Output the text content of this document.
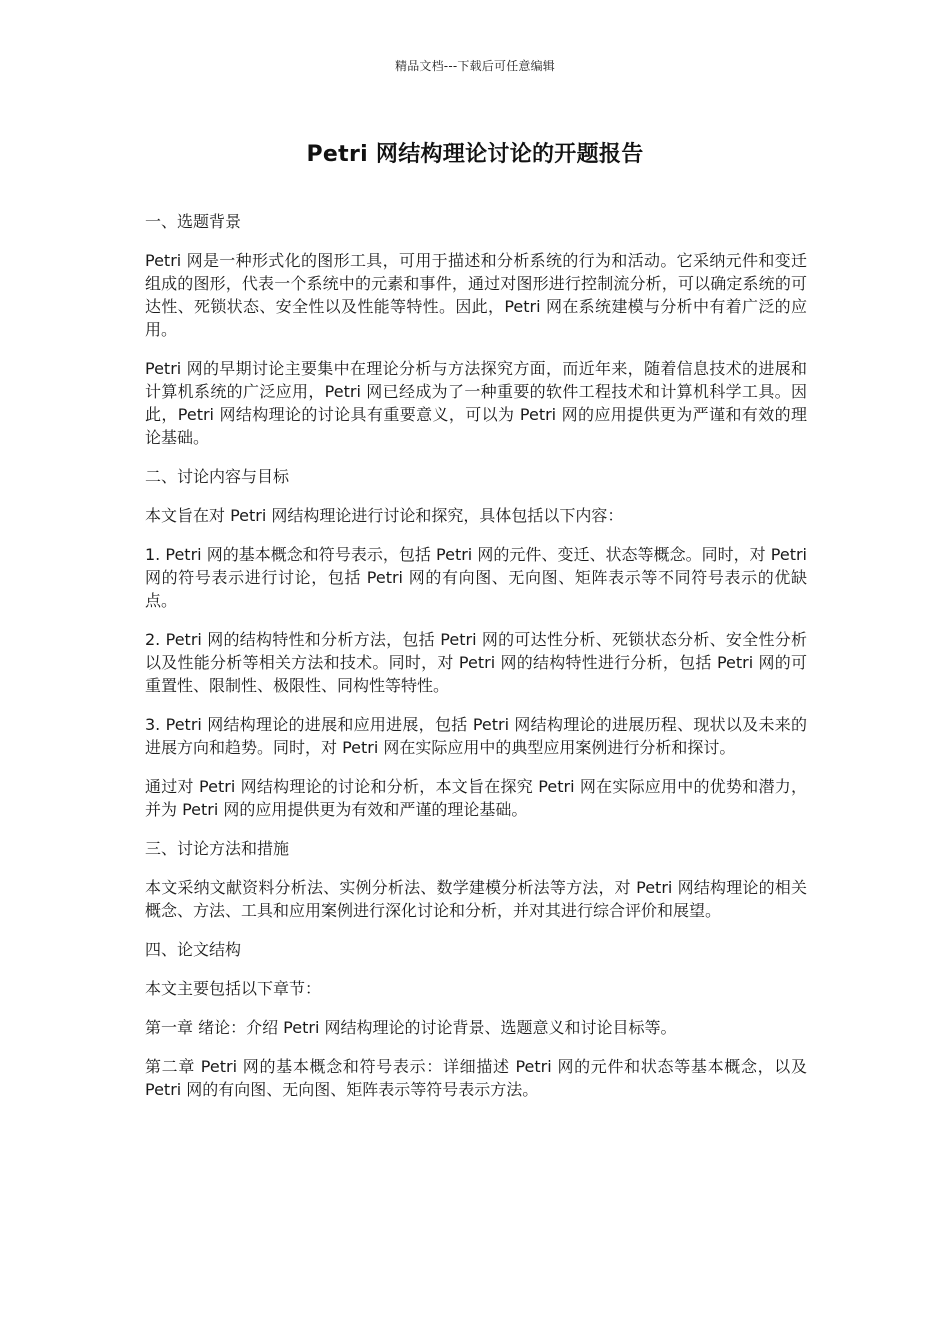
精品文档---下载后可任意编辑
Petri 网结构理论讨论的开题报告
一、选题背景

Petri 网是一种形式化的图形工具，可用于描述和分析系统的行为和活动。它采纳元件和变迁组成的图形，代表一个系统中的元素和事件，通过对图形进行控制流分析，可以确定系统的可达性、死锁状态、安全性以及性能等特性。因此，Petri 网在系统建模与分析中有着广泛的应用。

Petri 网的早期讨论主要集中在理论分析与方法探究方面，而近年来，随着信息技术的进展和计算机系统的广泛应用，Petri 网已经成为了一种重要的软件工程技术和计算机科学工具。因此，Petri 网结构理论的讨论具有重要意义，可以为 Petri 网的应用提供更为严谨和有效的理论基础。

二、讨论内容与目标

本文旨在对 Petri 网结构理论进行讨论和探究，具体包括以下内容：

1. Petri 网的基本概念和符号表示，包括 Petri 网的元件、变迁、状态等概念。同时，对 Petri 网的符号表示进行讨论，包括 Petri 网的有向图、无向图、矩阵表示等不同符号表示的优缺点。

2. Petri 网的结构特性和分析方法，包括 Petri 网的可达性分析、死锁状态分析、安全性分析以及性能分析等相关方法和技术。同时，对 Petri 网的结构特性进行分析，包括 Petri 网的可重置性、限制性、极限性、同构性等特性。

3. Petri 网结构理论的进展和应用进展，包括 Petri 网结构理论的进展历程、现状以及未来的进展方向和趋势。同时，对 Petri 网在实际应用中的典型应用案例进行分析和探讨。

通过对 Petri 网结构理论的讨论和分析，本文旨在探究 Petri 网在实际应用中的优势和潜力，并为 Petri 网的应用提供更为有效和严谨的理论基础。

三、讨论方法和措施

本文采纳文献资料分析法、实例分析法、数学建模分析法等方法，对 Petri 网结构理论的相关概念、方法、工具和应用案例进行深化讨论和分析，并对其进行综合评价和展望。

四、论文结构

本文主要包括以下章节：

第一章 绪论：介绍 Petri 网结构理论的讨论背景、选题意义和讨论目标等。

第二章 Petri 网的基本概念和符号表示：详细描述 Petri 网的元件和状态等基本概念，以及 Petri 网的有向图、无向图、矩阵表示等符号表示方法。
